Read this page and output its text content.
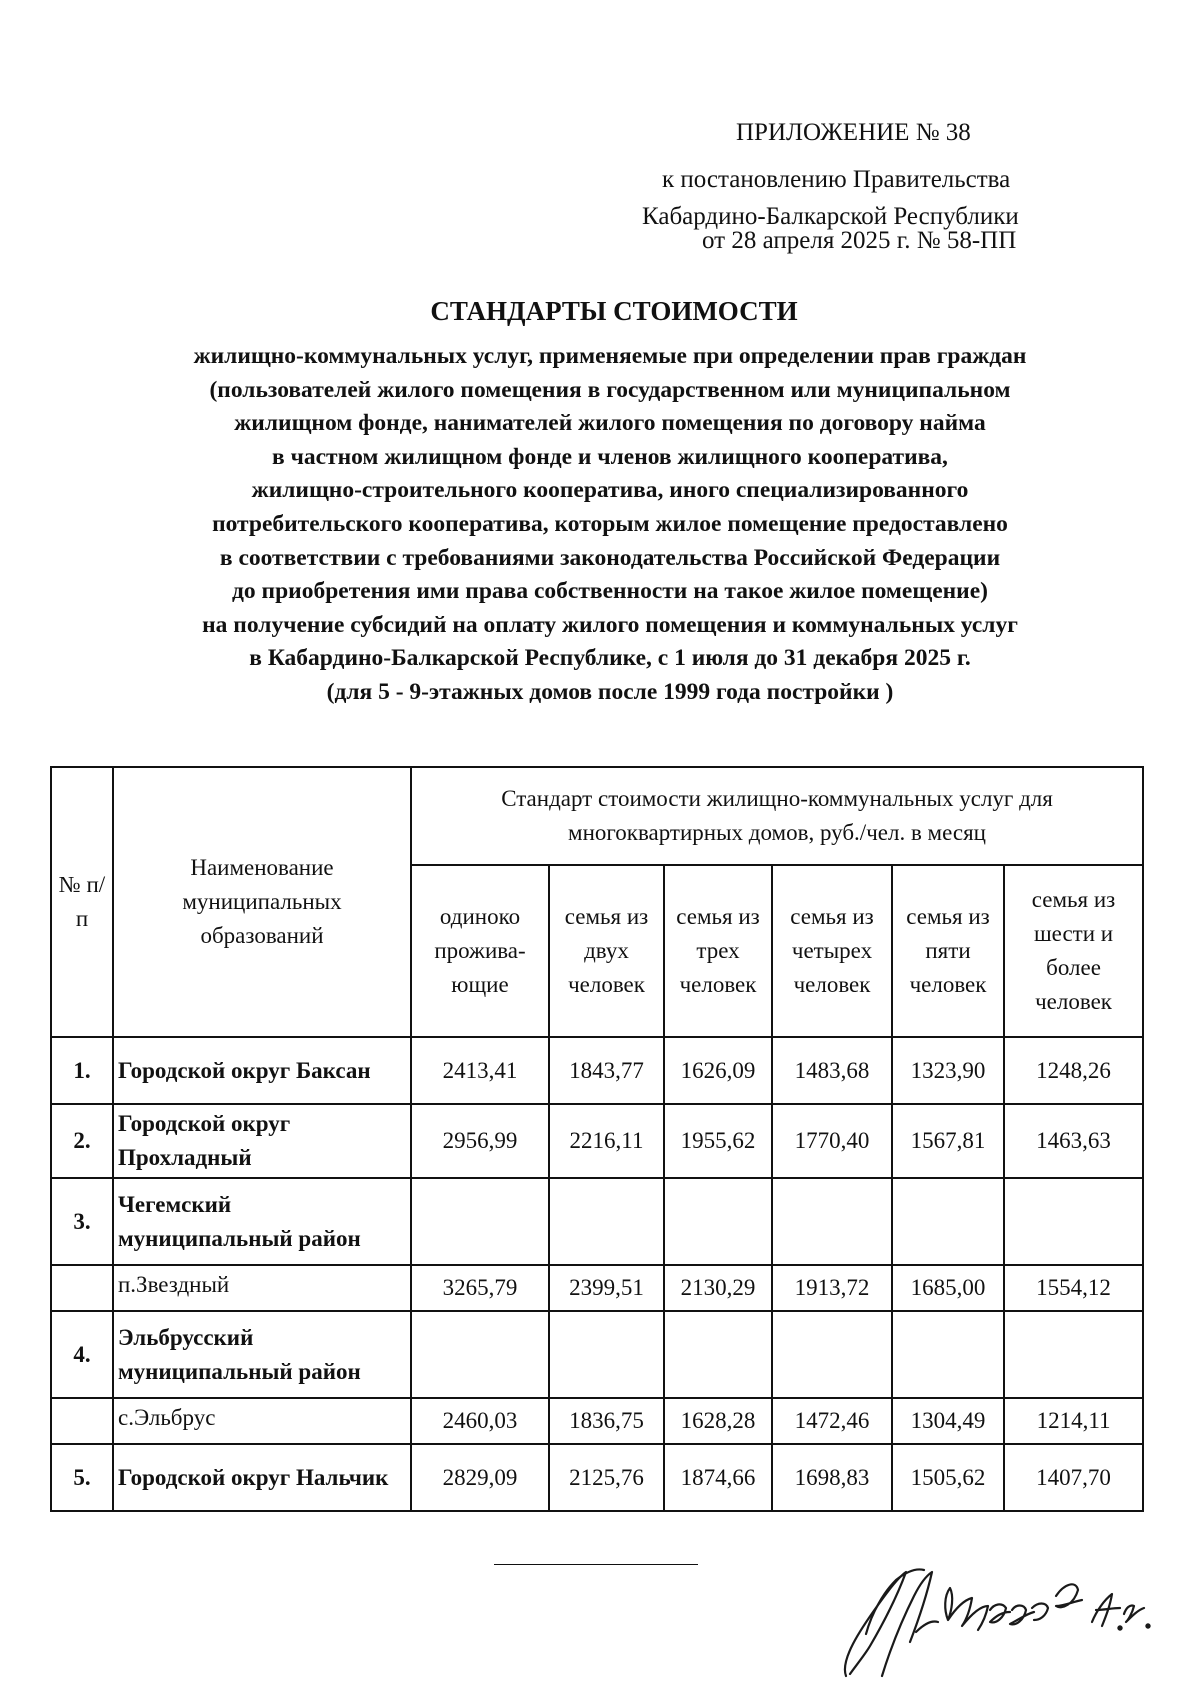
ПРИЛОЖЕНИЕ № 38
к постановлению Правительства
Кабардино-Балкарской Республики
от 28 апреля 2025 г. № 58-ПП
СТАНДАРТЫ СТОИМОСТИ
жилищно-коммунальных услуг, применяемые при определении прав граждан
(пользователей жилого помещения в государственном или муниципальном
жилищном фонде, нанимателей жилого помещения по договору найма
в частном жилищном фонде и членов жилищного кооператива,
жилищно-строительного кооператива, иного специализированного
потребительского кооператива, которым жилое помещение предоставлено
в соответствии с требованиями законодательства Российской Федерации
до приобретения ими права собственности на такое жилое помещение)
на получение субсидий на оплату жилого помещения и коммунальных услуг
в Кабардино-Балкарской Республике, с 1 июля до 31 декабря 2025 г.
(для 5 - 9-этажных домов после 1999 года постройки )
№ п/п	Наименование муниципальных образований	Стандарт стоимости жилищно-коммунальных услуг для многоквартирных домов, руб./чел. в месяц					
		одиноко прожива-ющие	семья из двух человек	семья из трех человек	семья из четырех человек	семья из пяти человек	семья из шести и более человек
1.	Городской округ Баксан	2413,41	1843,77	1626,09	1483,68	1323,90	1248,26
2.	Городской округ Прохладный	2956,99	2216,11	1955,62	1770,40	1567,81	1463,63
3.	Чегемский муниципальный район						
	п.Звездный	3265,79	2399,51	2130,29	1913,72	1685,00	1554,12
4.	Эльбрусский муниципальный район						
	с.Эльбрус	2460,03	1836,75	1628,28	1472,46	1304,49	1214,11
5.	Городской округ Нальчик	2829,09	2125,76	1874,66	1698,83	1505,62	1407,70
